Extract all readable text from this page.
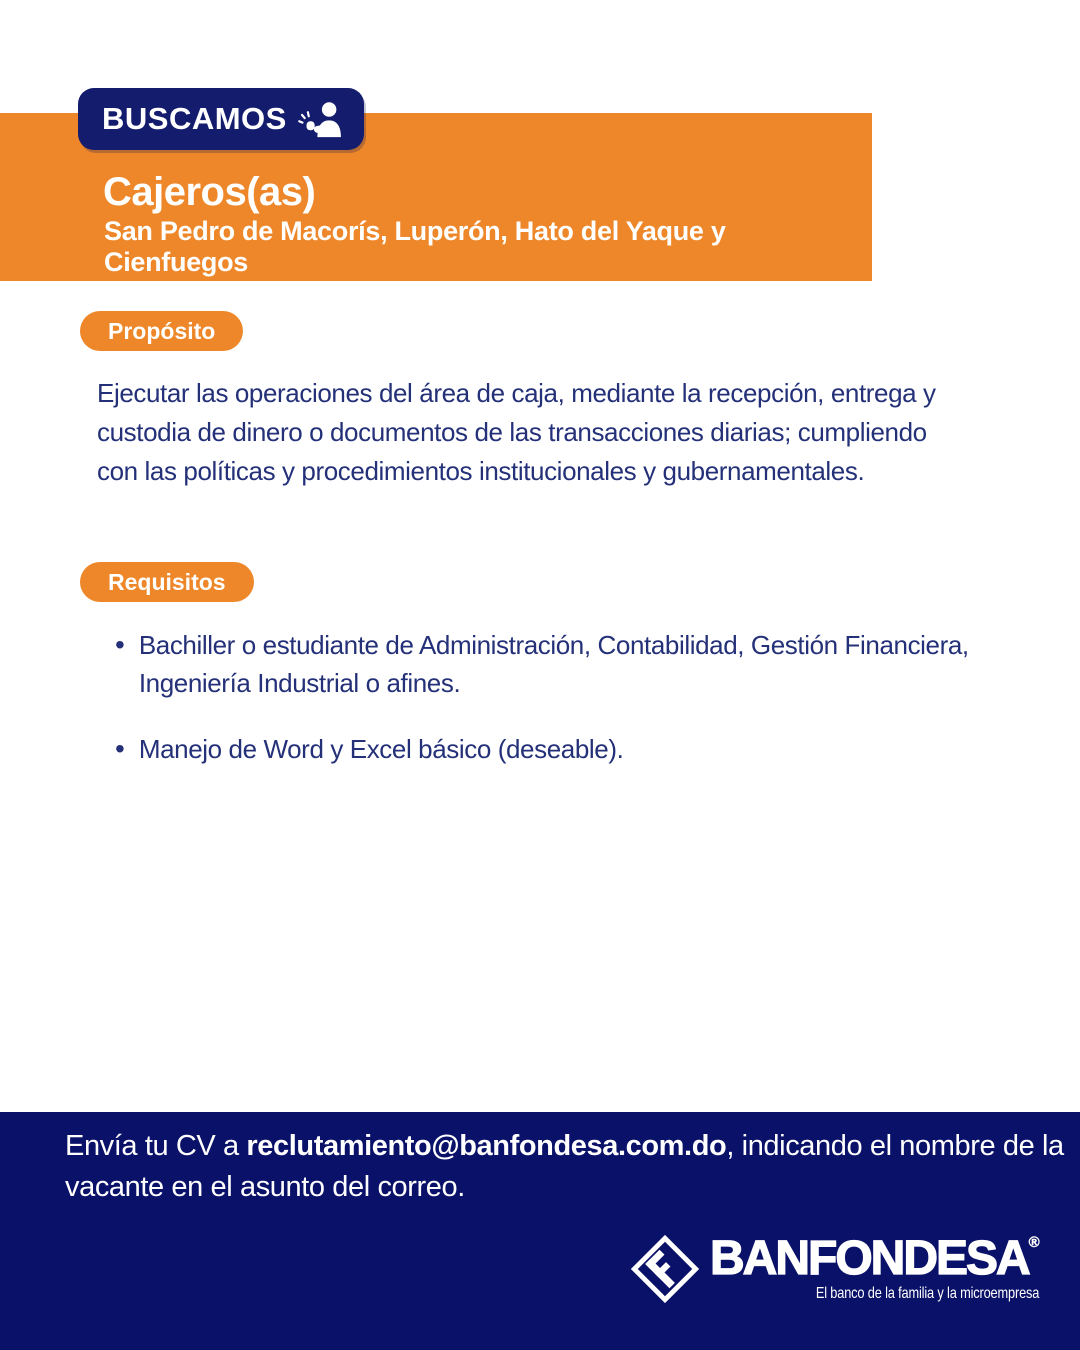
BUSCAMOS
Cajeros(as)
San Pedro de Macorís, Luperón, Hato del Yaque y
Cienfuegos
Propósito
Ejecutar las operaciones del área de caja, mediante la recepción, entrega y
custodia de dinero o documentos de las transacciones diarias; cumpliendo
con las políticas y procedimientos institucionales y gubernamentales.
Requisitos
• Bachiller o estudiante de Administración, Contabilidad, Gestión Financiera,
Ingeniería Industrial o afines.
• Manejo de Word y Excel básico (deseable).
Envía tu CV a reclutamiento@banfondesa.com.do, indicando el nombre de la
vacante en el asunto del correo.
BANFONDESA®
El banco de la familia y la microempresa
